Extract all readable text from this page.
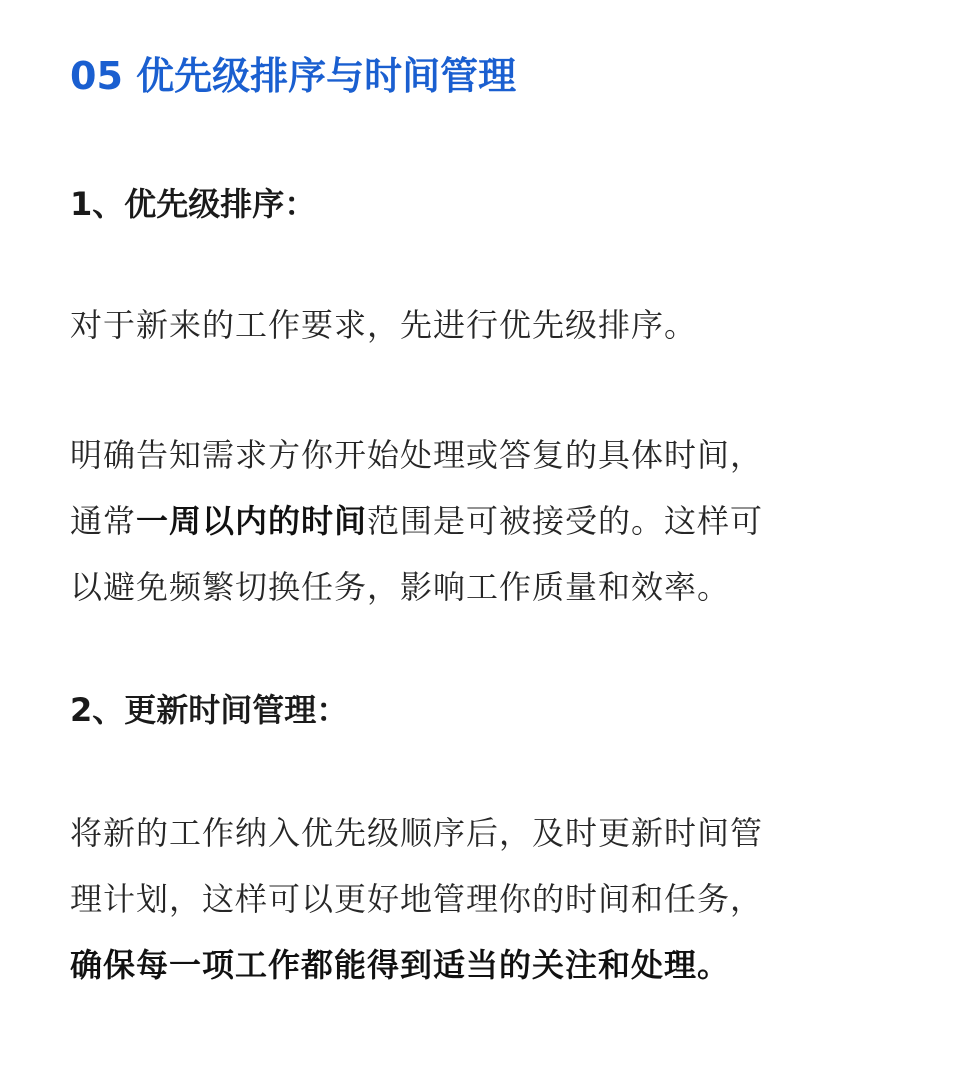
05 优先级排序与时间管理
1、优先级排序：

对于新来的工作要求，先进行优先级排序。

明确告知需求方你开始处理或答复的具体时间，
通常一周以内的时间范围是可被接受的。这样可
以避免频繁切换任务，影响工作质量和效率。

2、更新时间管理：

将新的工作纳入优先级顺序后，及时更新时间管
理计划，这样可以更好地管理你的时间和任务，
确保每一项工作都能得到适当的关注和处理。
